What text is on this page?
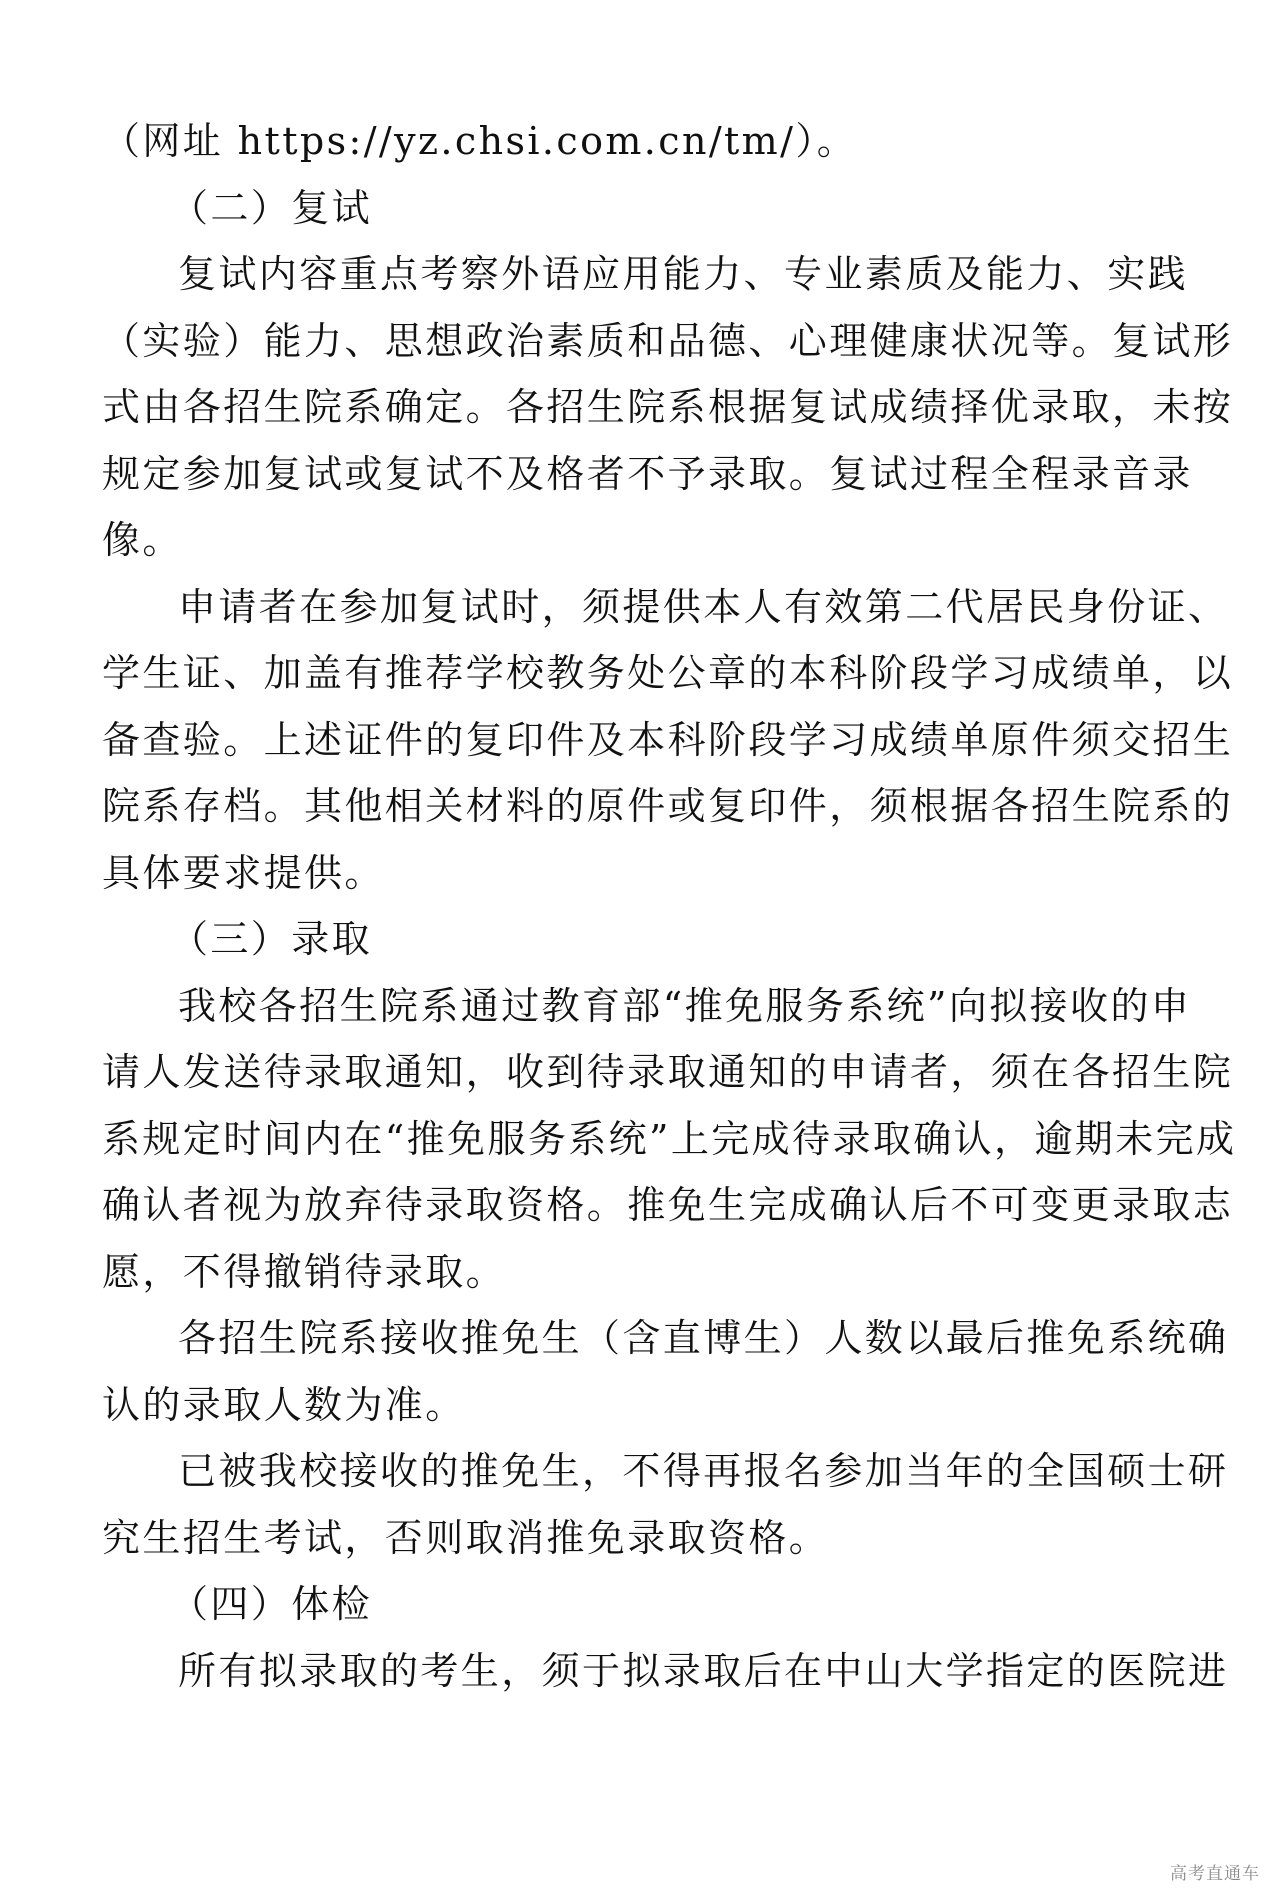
（网址 https://yz.chsi.com.cn/tm/）。
（二）复试
复试内容重点考察外语应用能力、专业素质及能力、实践
（实验）能力、思想政治素质和品德、心理健康状况等。复试形
式由各招生院系确定。各招生院系根据复试成绩择优录取，未按
规定参加复试或复试不及格者不予录取。复试过程全程录音录
像。
申请者在参加复试时，须提供本人有效第二代居民身份证、
学生证、加盖有推荐学校教务处公章的本科阶段学习成绩单，以
备查验。上述证件的复印件及本科阶段学习成绩单原件须交招生
院系存档。其他相关材料的原件或复印件，须根据各招生院系的
具体要求提供。
（三）录取
我校各招生院系通过教育部“推免服务系统”向拟接收的申
请人发送待录取通知，收到待录取通知的申请者，须在各招生院
系规定时间内在“推免服务系统”上完成待录取确认，逾期未完成
确认者视为放弃待录取资格。推免生完成确认后不可变更录取志
愿，不得撤销待录取。
各招生院系接收推免生（含直博生）人数以最后推免系统确
认的录取人数为准。
已被我校接收的推免生，不得再报名参加当年的全国硕士研
究生招生考试，否则取消推免录取资格。
（四）体检
所有拟录取的考生，须于拟录取后在中山大学指定的医院进
高考直通车
